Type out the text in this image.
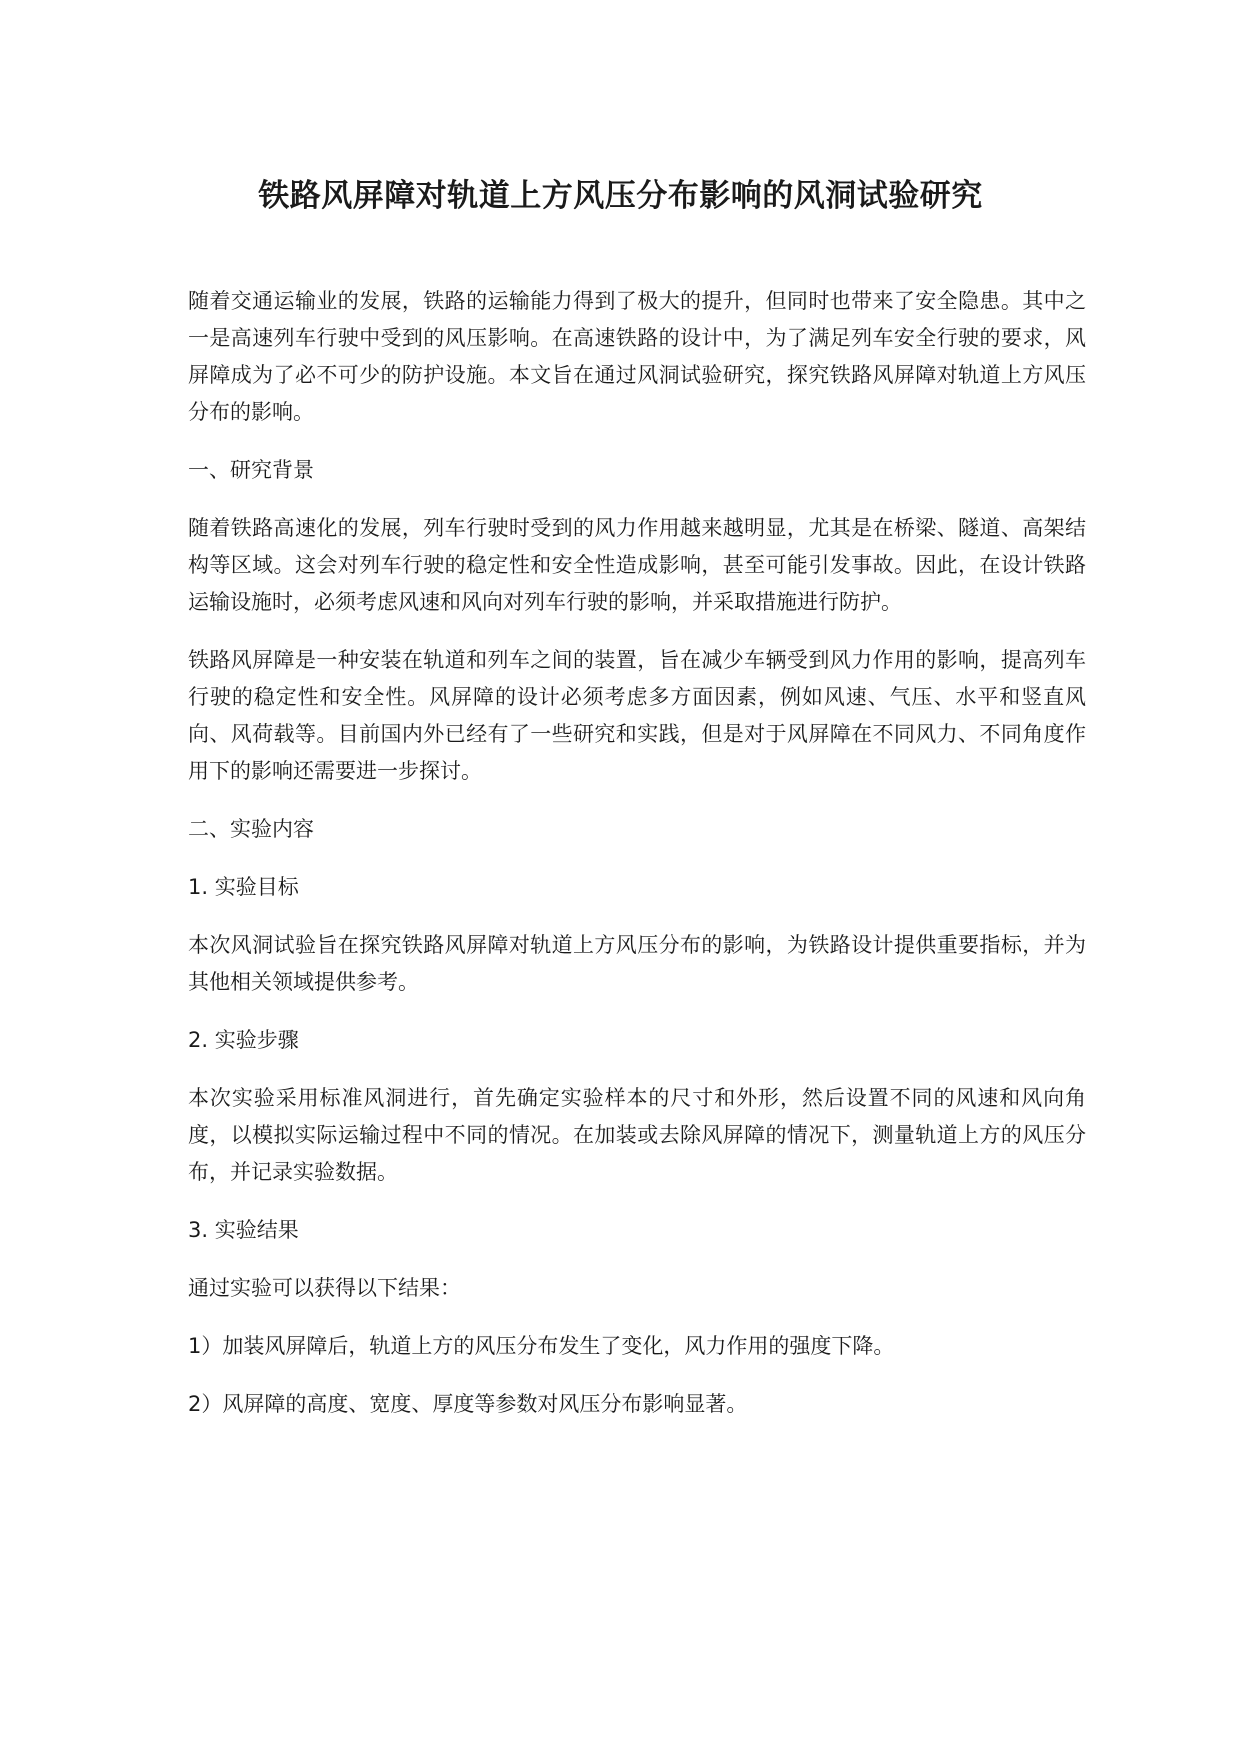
铁路风屏障对轨道上方风压分布影响的风洞试验研究

随着交通运输业的发展，铁路的运输能力得到了极大的提升，但同时也带来了安全隐患。其中之一是高速列车行驶中受到的风压影响。在高速铁路的设计中，为了满足列车安全行驶的要求，风屏障成为了必不可少的防护设施。本文旨在通过风洞试验研究，探究铁路风屏障对轨道上方风压分布的影响。

一、研究背景

随着铁路高速化的发展，列车行驶时受到的风力作用越来越明显，尤其是在桥梁、隧道、高架结构等区域。这会对列车行驶的稳定性和安全性造成影响，甚至可能引发事故。因此，在设计铁路运输设施时，必须考虑风速和风向对列车行驶的影响，并采取措施进行防护。

铁路风屏障是一种安装在轨道和列车之间的装置，旨在减少车辆受到风力作用的影响，提高列车行驶的稳定性和安全性。风屏障的设计必须考虑多方面因素，例如风速、气压、水平和竖直风向、风荷载等。目前国内外已经有了一些研究和实践，但是对于风屏障在不同风力、不同角度作用下的影响还需要进一步探讨。

二、实验内容

1. 实验目标

本次风洞试验旨在探究铁路风屏障对轨道上方风压分布的影响，为铁路设计提供重要指标，并为其他相关领域提供参考。

2. 实验步骤

本次实验采用标准风洞进行，首先确定实验样本的尺寸和外形，然后设置不同的风速和风向角度，以模拟实际运输过程中不同的情况。在加装或去除风屏障的情况下，测量轨道上方的风压分布，并记录实验数据。

3. 实验结果

通过实验可以获得以下结果：

1）加装风屏障后，轨道上方的风压分布发生了变化，风力作用的强度下降。

2）风屏障的高度、宽度、厚度等参数对风压分布影响显著。
